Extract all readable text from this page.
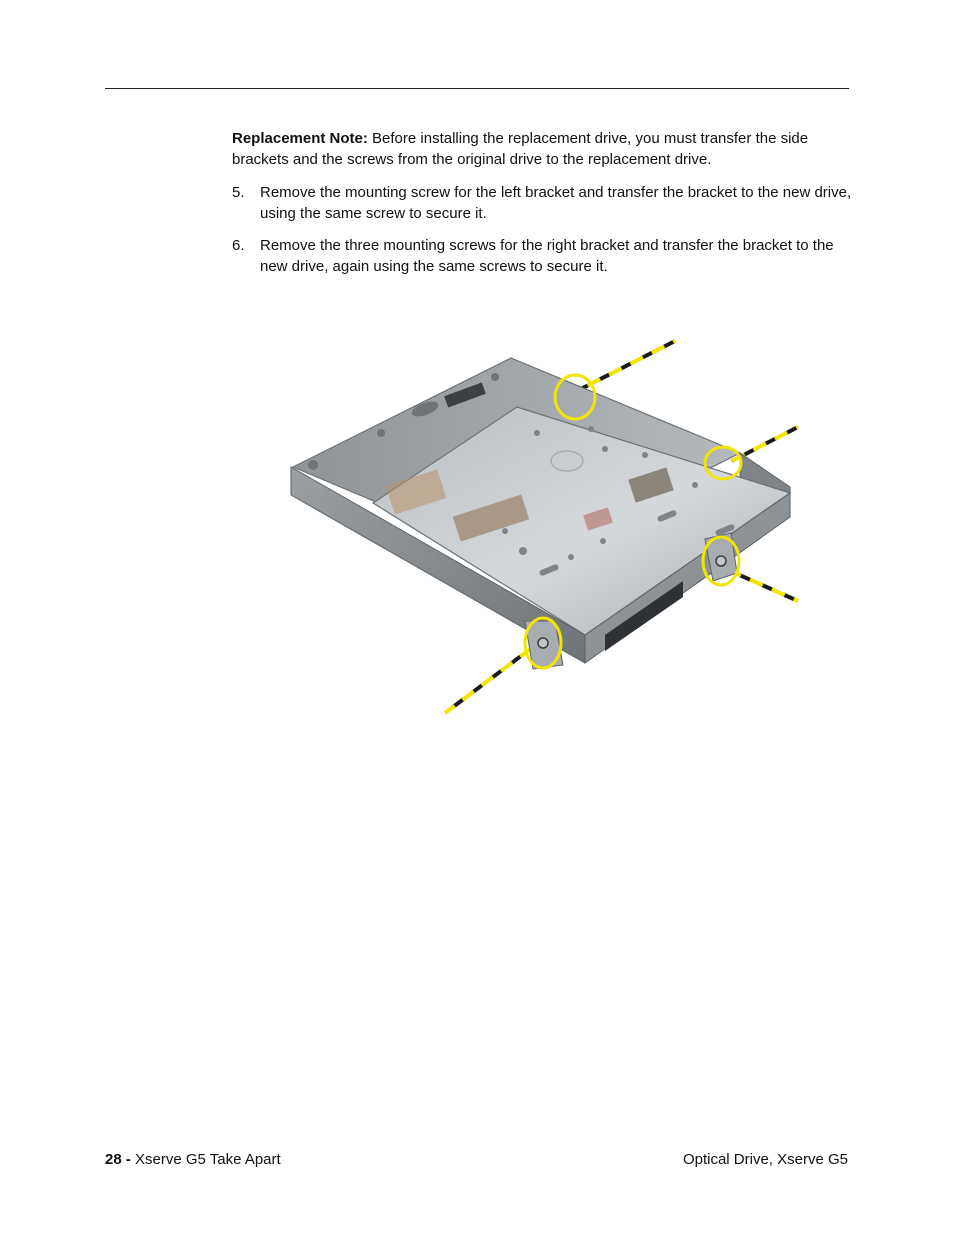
Replacement Note: Before installing the replacement drive, you must transfer the side brackets and the screws from the original drive to the replacement drive.

5.	Remove the mounting screw for the left bracket and transfer the bracket to the new drive, using the same screw to secure it.
6.	Remove the three mounting screws for the right bracket and transfer the bracket to the new drive, again using the same screws to secure it.
28 - Xserve G5 Take Apart	Optical Drive, Xserve G5
